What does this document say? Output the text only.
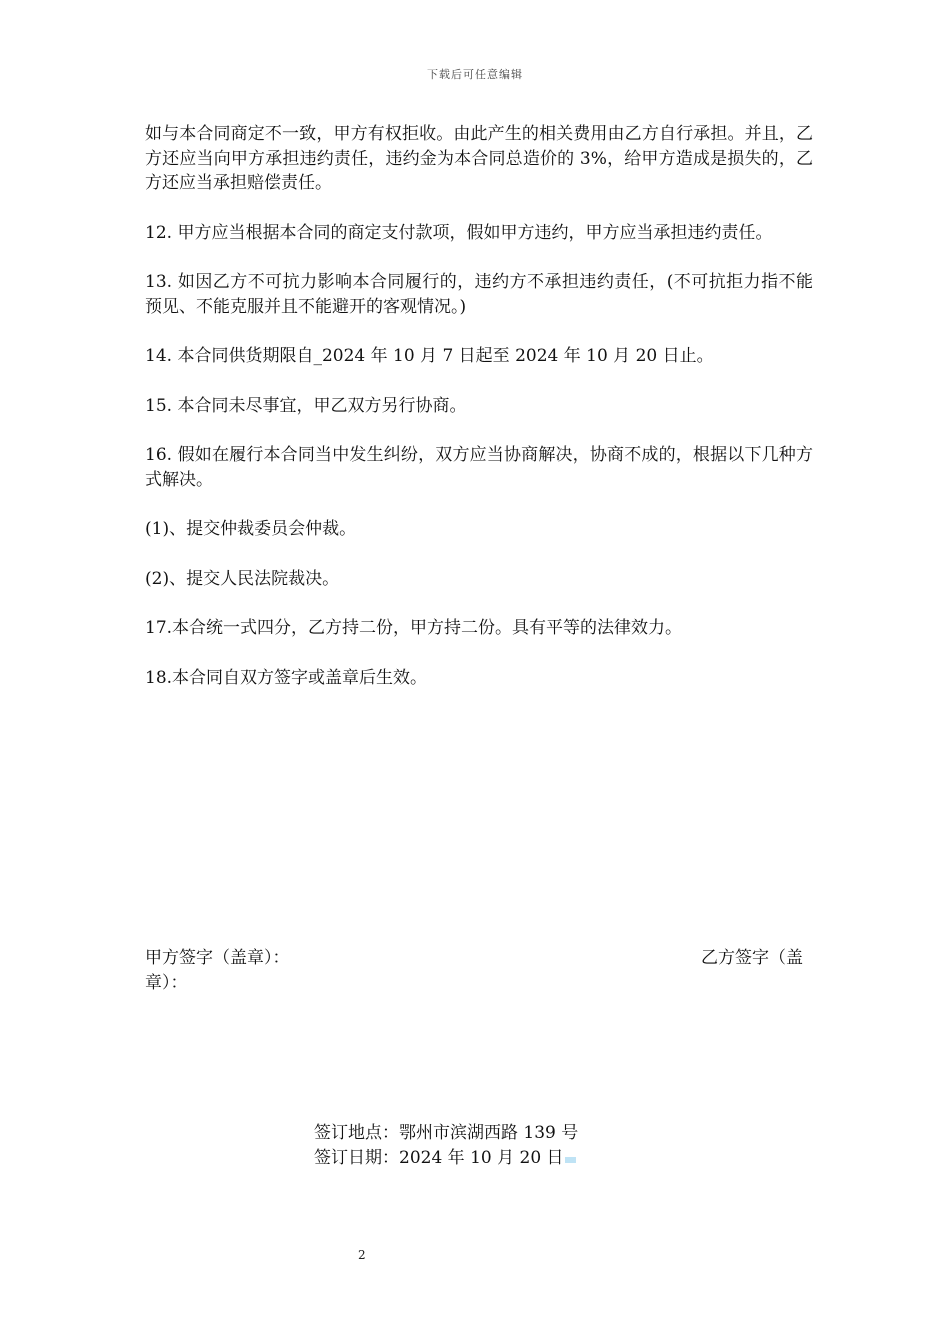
下载后可任意编辑

如与本合同商定不一致，甲方有权拒收。由此产生的相关费用由乙方自行承担。并且，乙方还应当向甲方承担违约责任，违约金为本合同总造价的 3%，给甲方造成是损失的，乙方还应当承担赔偿责任。

12. 甲方应当根据本合同的商定支付款项，假如甲方违约，甲方应当承担违约责任。

13. 如因乙方不可抗力影响本合同履行的，违约方不承担违约责任，(不可抗拒力指不能预见、不能克服并且不能避开的客观情况。)

14. 本合同供货期限自_2024 年 10 月 7 日起至 2024 年 10 月 20 日止。

15. 本合同未尽事宜，甲乙双方另行协商。

16. 假如在履行本合同当中发生纠纷，双方应当协商解决，协商不成的，根据以下几种方式解决。

(1)、提交仲裁委员会仲裁。

(2)、提交人民法院裁决。

17.本合统一式四分，乙方持二份，甲方持二份。具有平等的法律效力。

18.本合同自双方签字或盖章后生效。

甲方签字（盖章）：	乙方签字（盖
章）：
签订地点：鄂州市滨湖西路 139 号
签订日期：2024 年 10 月 20 日
2
